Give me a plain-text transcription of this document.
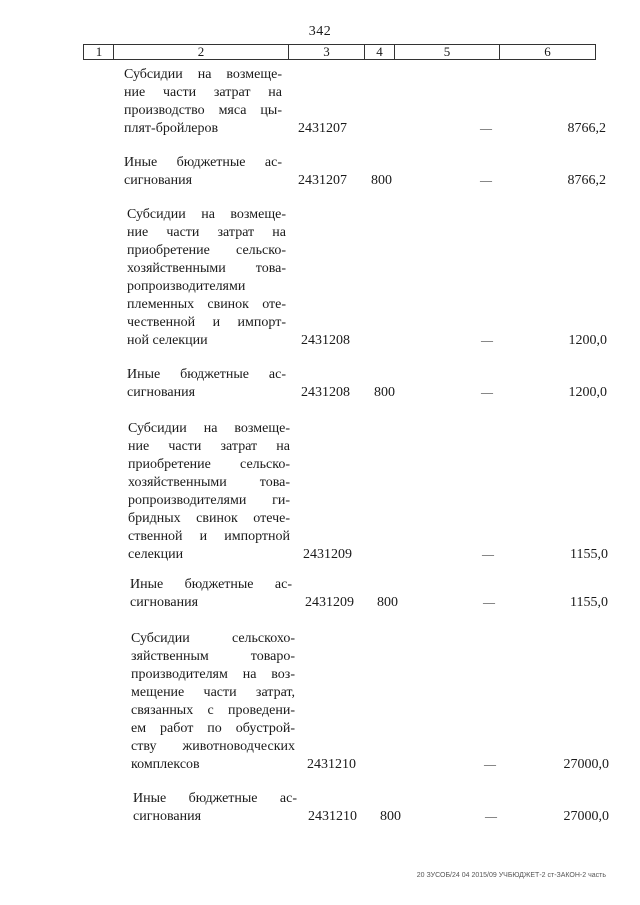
342
1	2	3	4	5	6
Субсидии на возмеще-
ние части затрат на
производство мяса цы-
плят-бройлеров	2431207	—	8766,2
Иные бюджетные ас-
сигнования	2431207 800	—	8766,2
Субсидии на возмеще-
ние части затрат на
приобретение сельско-
хозяйственными това-
ропроизводителями
племенных свинок оте-
чественной и импорт-
ной селекции	2431208	—	1200,0
Иные бюджетные ас-
сигнования	2431208 800	—	1200,0
Субсидии на возмеще-
ние части затрат на
приобретение сельско-
хозяйственными това-
ропроизводителями ги-
бридных свинок отече-
ственной и импортной
селекции	2431209	—	1155,0
Иные бюджетные ас-
сигнования	2431209 800	—	1155,0
Субсидии сельскохо-
зяйственным товаро-
производителям на воз-
мещение части затрат,
связанных с проведени-
ем работ по обустрой-
ству животноводческих
комплексов	2431210	—	27000,0
Иные бюджетные ас-
сигнования	2431210 800	—	27000,0
20 ЗУСОБ/24 04 2015/09 УЧБЮДЖЕТ-2 ст-ЗАКОН-2 часть
